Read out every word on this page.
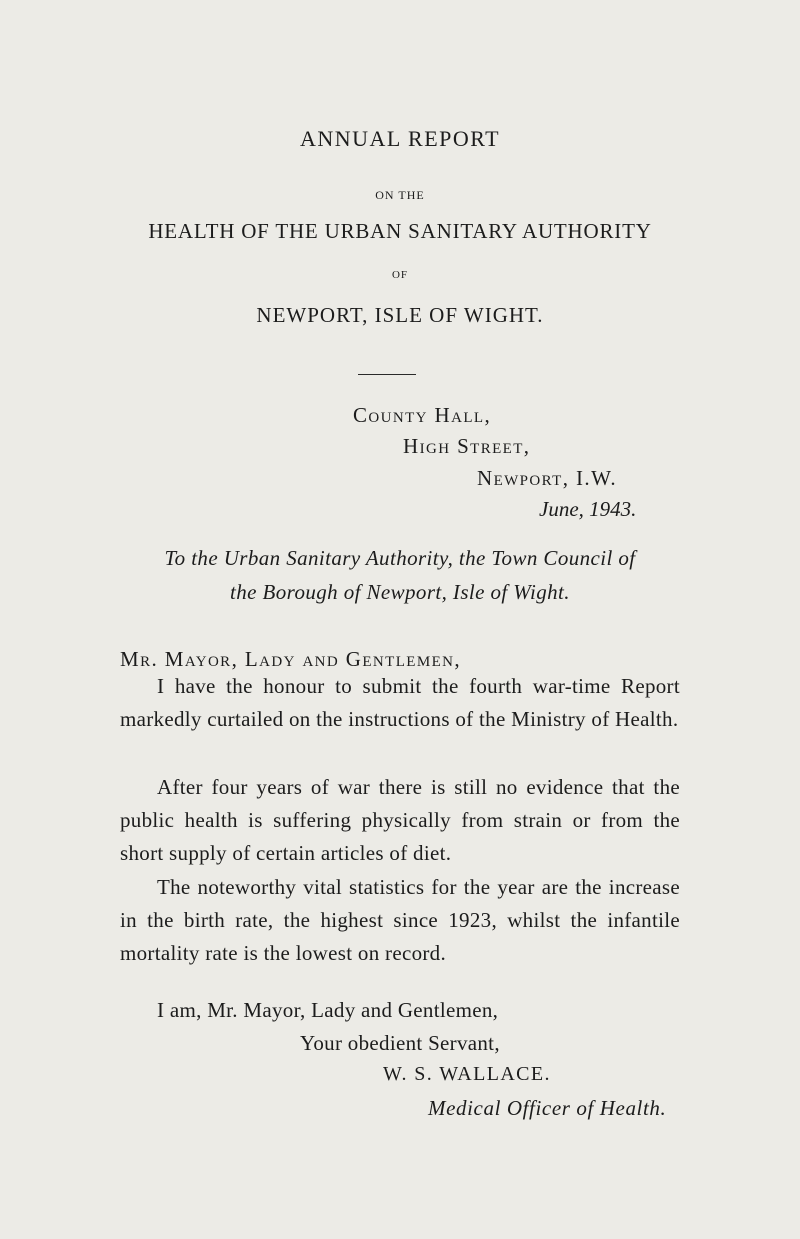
ANNUAL REPORT
ON THE
HEALTH OF THE URBAN SANITARY AUTHORITY
OF
NEWPORT, ISLE OF WIGHT.
County Hall,
High Street,
Newport, I.W.
June, 1943.
To the Urban Sanitary Authority, the Town Council of
the Borough of Newport, Isle of Wight.
Mr. Mayor, Lady and Gentlemen,

I have the honour to submit the fourth war-time Report markedly curtailed on the instructions of the Ministry of Health.

After four years of war there is still no evidence that the public health is suffering physically from strain or from the short supply of certain articles of diet.

The noteworthy vital statistics for the year are the increase in the birth rate, the highest since 1923, whilst the infantile mortality rate is the lowest on record.

I am, Mr. Mayor, Lady and Gentlemen,
Your obedient Servant,
W. S. WALLACE.
Medical Officer of Health.
